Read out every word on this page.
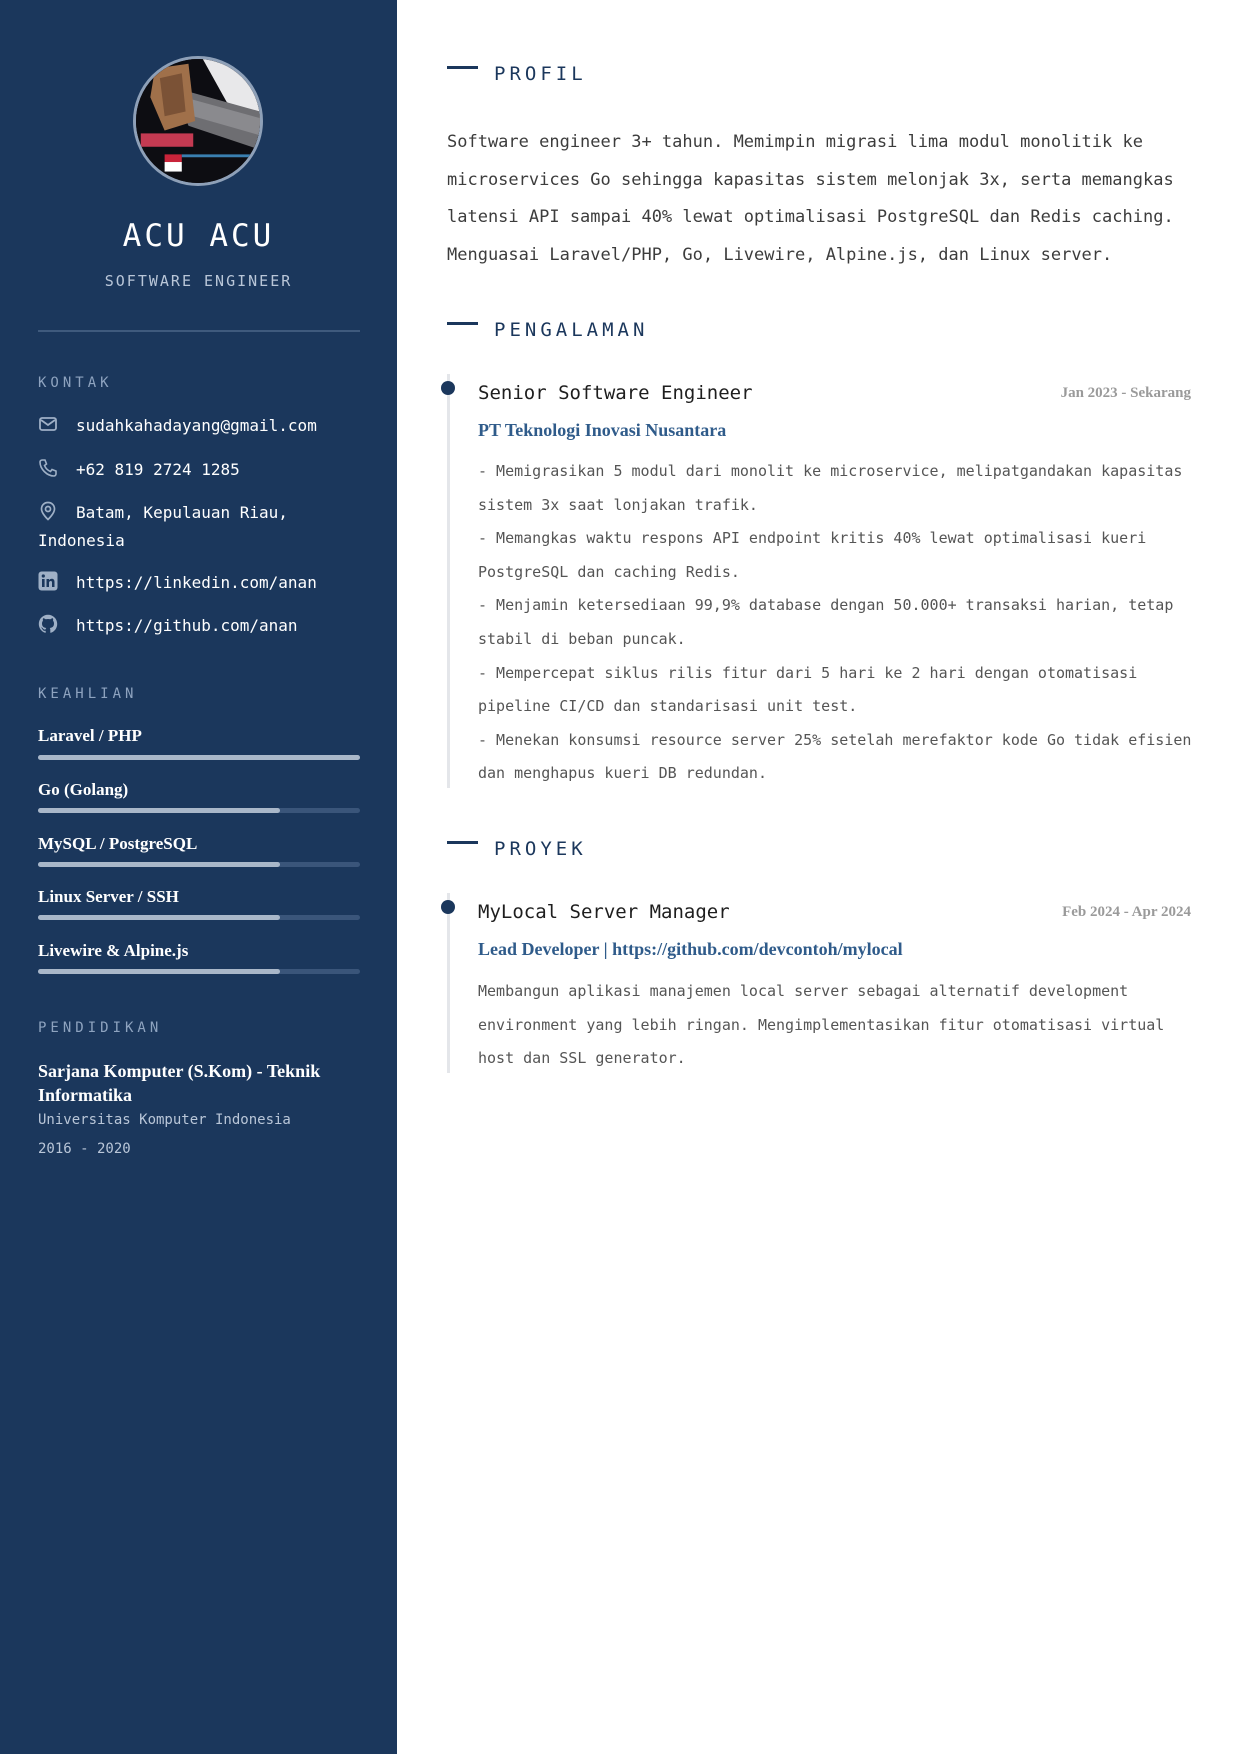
ACU ACU
SOFTWARE ENGINEER
KONTAK
sudahkahadayang@gmail.com
+62 819 2724 1285
Batam, Kepulauan Riau, Indonesia
https://linkedin.com/anan
https://github.com/anan
KEAHLIAN
Laravel / PHP
Go (Golang)
MySQL / PostgreSQL
Linux Server / SSH
Livewire & Alpine.js
PENDIDIKAN
Sarjana Komputer (S.Kom) - Teknik Informatika
Universitas Komputer Indonesia
2016 - 2020
PROFIL
Software engineer 3+ tahun. Memimpin migrasi lima modul monolitik ke microservices Go sehingga kapasitas sistem melonjak 3x, serta memangkas latensi API sampai 40% lewat optimalisasi PostgreSQL dan Redis caching. Menguasai Laravel/PHP, Go, Livewire, Alpine.js, dan Linux server.
PENGALAMAN
Senior Software Engineer	Jan 2023 - Sekarang
PT Teknologi Inovasi Nusantara
- Memigrasikan 5 modul dari monolit ke microservice, melipatgandakan kapasitas sistem 3x saat lonjakan trafik.
- Memangkas waktu respons API endpoint kritis 40% lewat optimalisasi kueri PostgreSQL dan caching Redis.
- Menjamin ketersediaan 99,9% database dengan 50.000+ transaksi harian, tetap stabil di beban puncak.
- Mempercepat siklus rilis fitur dari 5 hari ke 2 hari dengan otomatisasi pipeline CI/CD dan standarisasi unit test.
- Menekan konsumsi resource server 25% setelah merefaktor kode Go tidak efisien dan menghapus kueri DB redundan.
PROYEK
MyLocal Server Manager	Feb 2024 - Apr 2024
Lead Developer | https://github.com/devcontoh/mylocal
Membangun aplikasi manajemen local server sebagai alternatif development environment yang lebih ringan. Mengimplementasikan fitur otomatisasi virtual host dan SSL generator.
